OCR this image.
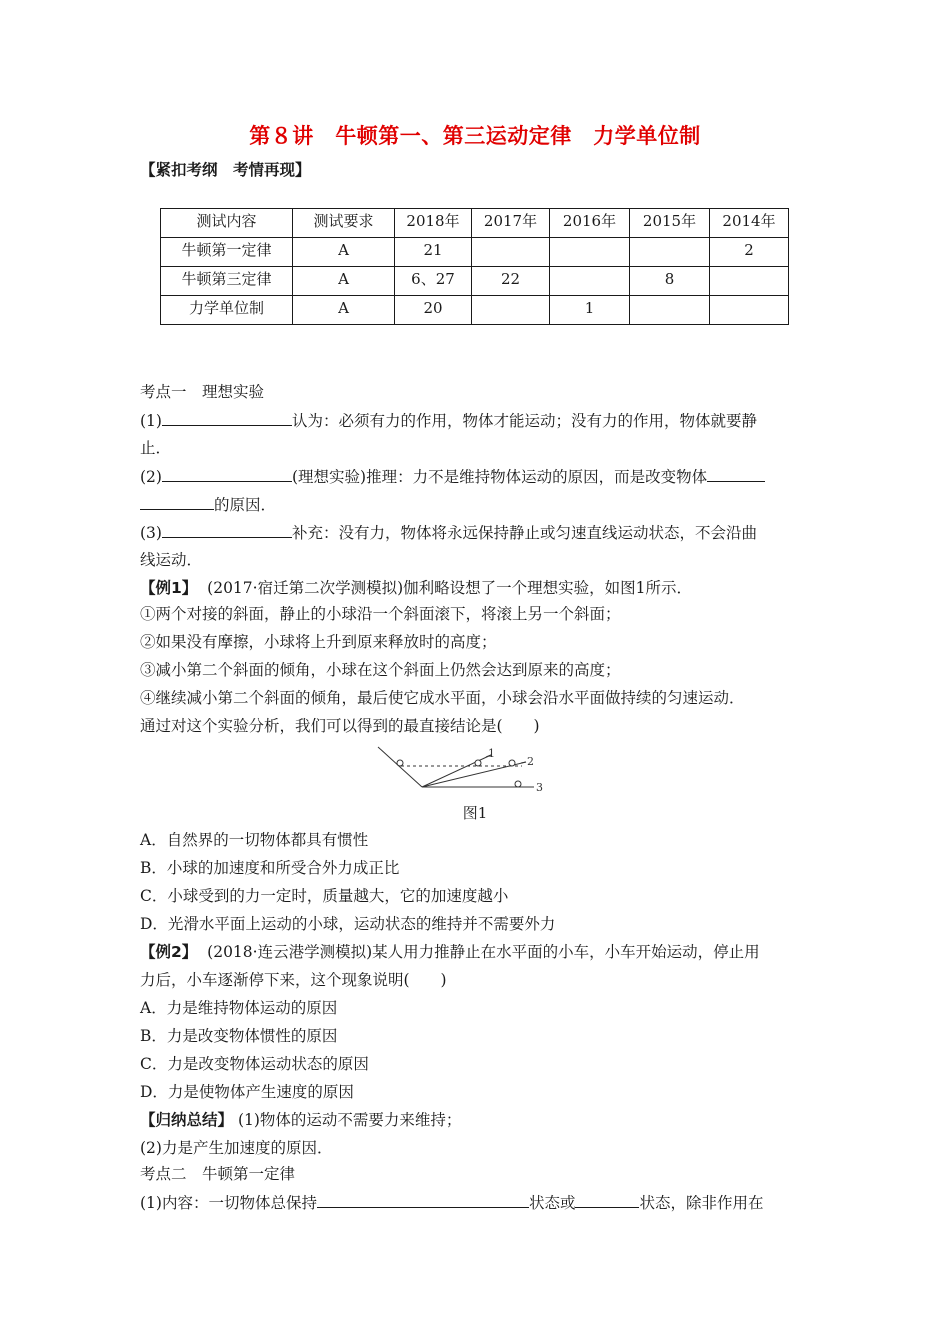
第８讲　牛顿第一、第三运动定律　力学单位制
【紧扣考纲　考情再现】
测试内容	测试要求	2018年	2017年	2016年	2015年	2014年
牛顿第一定律	A	21				2
牛顿第三定律	A	6、27	22		8	
力学单位制	A	20		1		
考点一　理想实验
(1)	认为：必须有力的作用，物体才能运动；没有力的作用，物体就要静
止．
(2)	(理想实验)推理：力不是维持物体运动的原因，而是改变物体
的原因．
(3)	补充：没有力，物体将永远保持静止或匀速直线运动状态，不会沿曲
线运动．
【例1】 (2017·宿迁第二次学测模拟)伽利略设想了一个理想实验，如图1所示．
①两个对接的斜面，静止的小球沿一个斜面滚下，将滚上另一个斜面；
②如果没有摩擦，小球将上升到原来释放时的高度；
③减小第二个斜面的倾角，小球在这个斜面上仍然会达到原来的高度；
④继续减小第二个斜面的倾角，最后使它成水平面，小球会沿水平面做持续的匀速运动．
通过对这个实验分析，我们可以得到的最直接结论是(　　)
1
2
3
图1
A．自然界的一切物体都具有惯性
B．小球的加速度和所受合外力成正比
C．小球受到的力一定时，质量越大，它的加速度越小
D．光滑水平面上运动的小球，运动状态的维持并不需要外力
【例2】 (2018·连云港学测模拟)某人用力推静止在水平面的小车，小车开始运动，停止用
力后，小车逐渐停下来，这个现象说明(　　)
A．力是维持物体运动的原因
B．力是改变物体惯性的原因
C．力是改变物体运动状态的原因
D．力是使物体产生速度的原因
【归纳总结】 (1)物体的运动不需要力来维持；
(2)力是产生加速度的原因．
考点二　牛顿第一定律
(1)内容：一切物体总保持	状态或	状态，除非作用在
